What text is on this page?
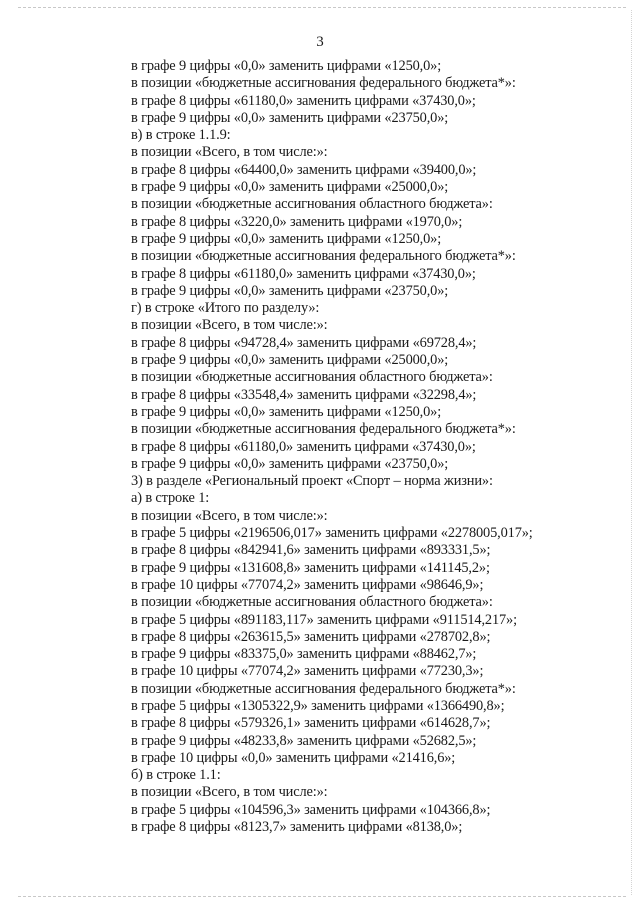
3
в графе 9 цифры «0,0» заменить цифрами «1250,0»;
в позиции «бюджетные ассигнования федерального бюджета*»:
в графе 8 цифры «61180,0» заменить цифрами «37430,0»;
в графе 9 цифры «0,0» заменить цифрами «23750,0»;
в) в строке 1.1.9:
в позиции «Всего, в том числе:»:
в графе 8 цифры «64400,0» заменить цифрами «39400,0»;
в графе 9 цифры «0,0» заменить цифрами «25000,0»;
в позиции «бюджетные ассигнования областного бюджета»:
в графе 8 цифры «3220,0» заменить цифрами «1970,0»;
в графе 9 цифры «0,0» заменить цифрами «1250,0»;
в позиции «бюджетные ассигнования федерального бюджета*»:
в графе 8 цифры «61180,0» заменить цифрами «37430,0»;
в графе 9 цифры «0,0» заменить цифрами «23750,0»;
г) в строке «Итого по разделу»:
в позиции «Всего, в том числе:»:
в графе 8 цифры «94728,4» заменить цифрами «69728,4»;
в графе 9 цифры «0,0» заменить цифрами «25000,0»;
в позиции «бюджетные ассигнования областного бюджета»:
в графе 8 цифры «33548,4» заменить цифрами «32298,4»;
в графе 9 цифры «0,0» заменить цифрами «1250,0»;
в позиции «бюджетные ассигнования федерального бюджета*»:
в графе 8 цифры «61180,0» заменить цифрами «37430,0»;
в графе 9 цифры «0,0» заменить цифрами «23750,0»;
3) в разделе «Региональный проект «Спорт – норма жизни»:
а) в строке 1:
в позиции «Всего, в том числе:»:
в графе 5 цифры «2196506,017» заменить цифрами «2278005,017»;
в графе 8 цифры «842941,6» заменить цифрами «893331,5»;
в графе 9 цифры «131608,8» заменить цифрами «141145,2»;
в графе 10 цифры «77074,2» заменить цифрами «98646,9»;
в позиции «бюджетные ассигнования областного бюджета»:
в графе 5 цифры «891183,117» заменить цифрами «911514,217»;
в графе 8 цифры «263615,5» заменить цифрами «278702,8»;
в графе 9 цифры «83375,0» заменить цифрами «88462,7»;
в графе 10 цифры «77074,2» заменить цифрами «77230,3»;
в позиции «бюджетные ассигнования федерального бюджета*»:
в графе 5 цифры «1305322,9» заменить цифрами «1366490,8»;
в графе 8 цифры «579326,1» заменить цифрами «614628,7»;
в графе 9 цифры «48233,8» заменить цифрами «52682,5»;
в графе 10 цифры «0,0» заменить цифрами «21416,6»;
б) в строке 1.1:
в позиции «Всего, в том числе:»:
в графе 5 цифры «104596,3» заменить цифрами «104366,8»;
в графе 8 цифры «8123,7» заменить цифрами «8138,0»;
